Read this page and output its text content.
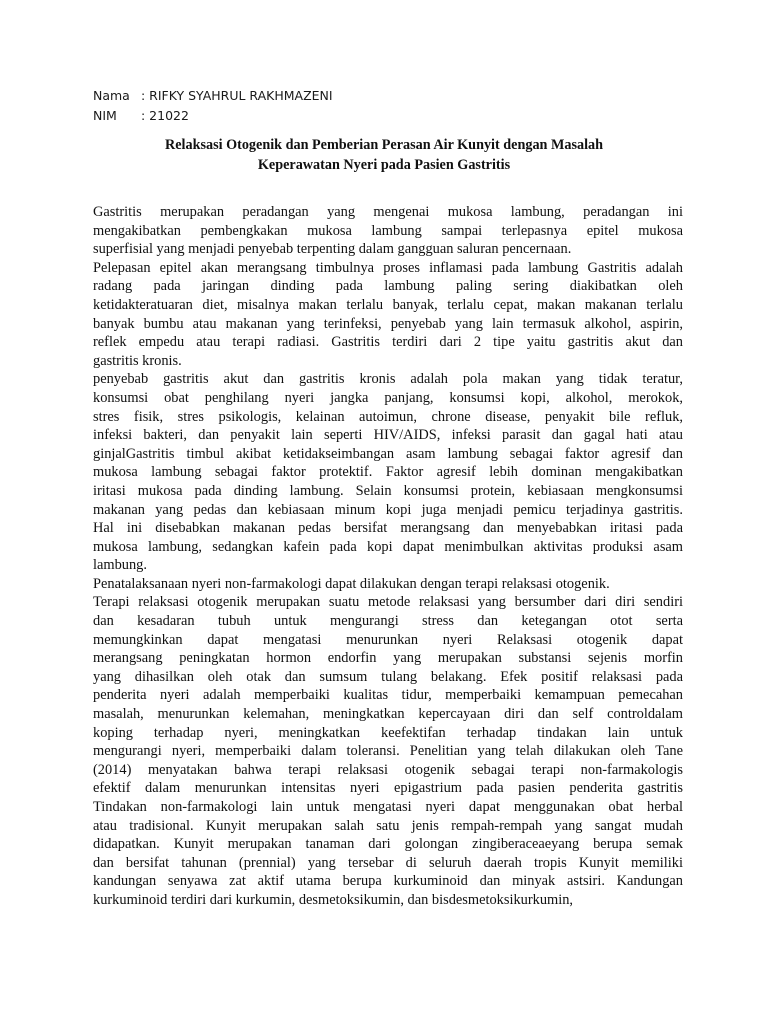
Nama : RIFKY SYAHRUL RAKHMAZENI
NIM	: 21022
Relaksasi Otogenik dan Pemberian Perasan Air Kunyit dengan Masalah
Keperawatan Nyeri pada Pasien Gastritis
Gastritis merupakan peradangan yang mengenai mukosa lambung, peradangan ini
mengakibatkan pembengkakan mukosa lambung sampai terlepasnya epitel mukosa
superfisial yang menjadi penyebab terpenting dalam gangguan saluran pencernaan.
Pelepasan epitel akan merangsang timbulnya proses inflamasi pada lambung Gastritis adalah
radang pada jaringan dinding pada lambung paling sering diakibatkan oleh
ketidakteratuaran diet, misalnya makan terlalu banyak, terlalu cepat, makan makanan terlalu
banyak bumbu atau makanan yang terinfeksi, penyebab yang lain termasuk alkohol, aspirin,
reflek empedu atau terapi radiasi. Gastritis terdiri dari 2 tipe yaitu gastritis akut dan
gastritis kronis.
penyebab gastritis akut dan gastritis kronis adalah pola makan yang tidak teratur,
konsumsi obat penghilang nyeri jangka panjang, konsumsi kopi, alkohol, merokok,
stres fisik, stres psikologis, kelainan autoimun, chrone disease, penyakit bile refluk,
infeksi bakteri, dan penyakit lain seperti HIV/AIDS, infeksi parasit dan gagal hati atau
ginjalGastritis timbul akibat ketidakseimbangan asam lambung sebagai faktor agresif dan
mukosa lambung sebagai faktor protektif. Faktor agresif lebih dominan mengakibatkan
iritasi mukosa pada dinding lambung. Selain konsumsi protein, kebiasaan mengkonsumsi
makanan yang pedas dan kebiasaan minum kopi juga menjadi pemicu terjadinya gastritis.
Hal ini disebabkan makanan pedas bersifat merangsang dan menyebabkan iritasi pada
mukosa lambung, sedangkan kafein pada kopi dapat menimbulkan aktivitas produksi asam
lambung.
Penatalaksanaan nyeri non-farmakologi dapat dilakukan dengan terapi relaksasi otogenik.
Terapi relaksasi otogenik merupakan suatu metode relaksasi yang bersumber dari diri sendiri
dan kesadaran tubuh untuk mengurangi stress dan ketegangan otot serta
memungkinkan dapat mengatasi menurunkan nyeri Relaksasi otogenik dapat
merangsang peningkatan hormon endorfin yang merupakan substansi sejenis morfin
yang dihasilkan oleh otak dan sumsum tulang belakang. Efek positif relaksasi pada
penderita nyeri adalah memperbaiki kualitas tidur, memperbaiki kemampuan pemecahan
masalah, menurunkan kelemahan, meningkatkan kepercayaan diri dan self controldalam
koping terhadap nyeri, meningkatkan keefektifan terhadap tindakan lain untuk
mengurangi nyeri, memperbaiki dalam toleransi. Penelitian yang telah dilakukan oleh Tane
(2014) menyatakan bahwa terapi relaksasi otogenik sebagai terapi non-farmakologis
efektif dalam menurunkan intensitas nyeri epigastrium pada pasien penderita gastritis
Tindakan non-farmakologi lain untuk mengatasi nyeri dapat menggunakan obat herbal
atau tradisional. Kunyit merupakan salah satu jenis rempah-rempah yang sangat mudah
didapatkan. Kunyit merupakan tanaman dari golongan zingiberaceaeyang berupa semak
dan bersifat tahunan (prennial) yang tersebar di seluruh daerah tropis Kunyit memiliki
kandungan senyawa zat aktif utama berupa kurkuminoid dan minyak astsiri. Kandungan
kurkuminoid terdiri dari kurkumin, desmetoksikumin, dan bisdesmetoksikurkumin,
